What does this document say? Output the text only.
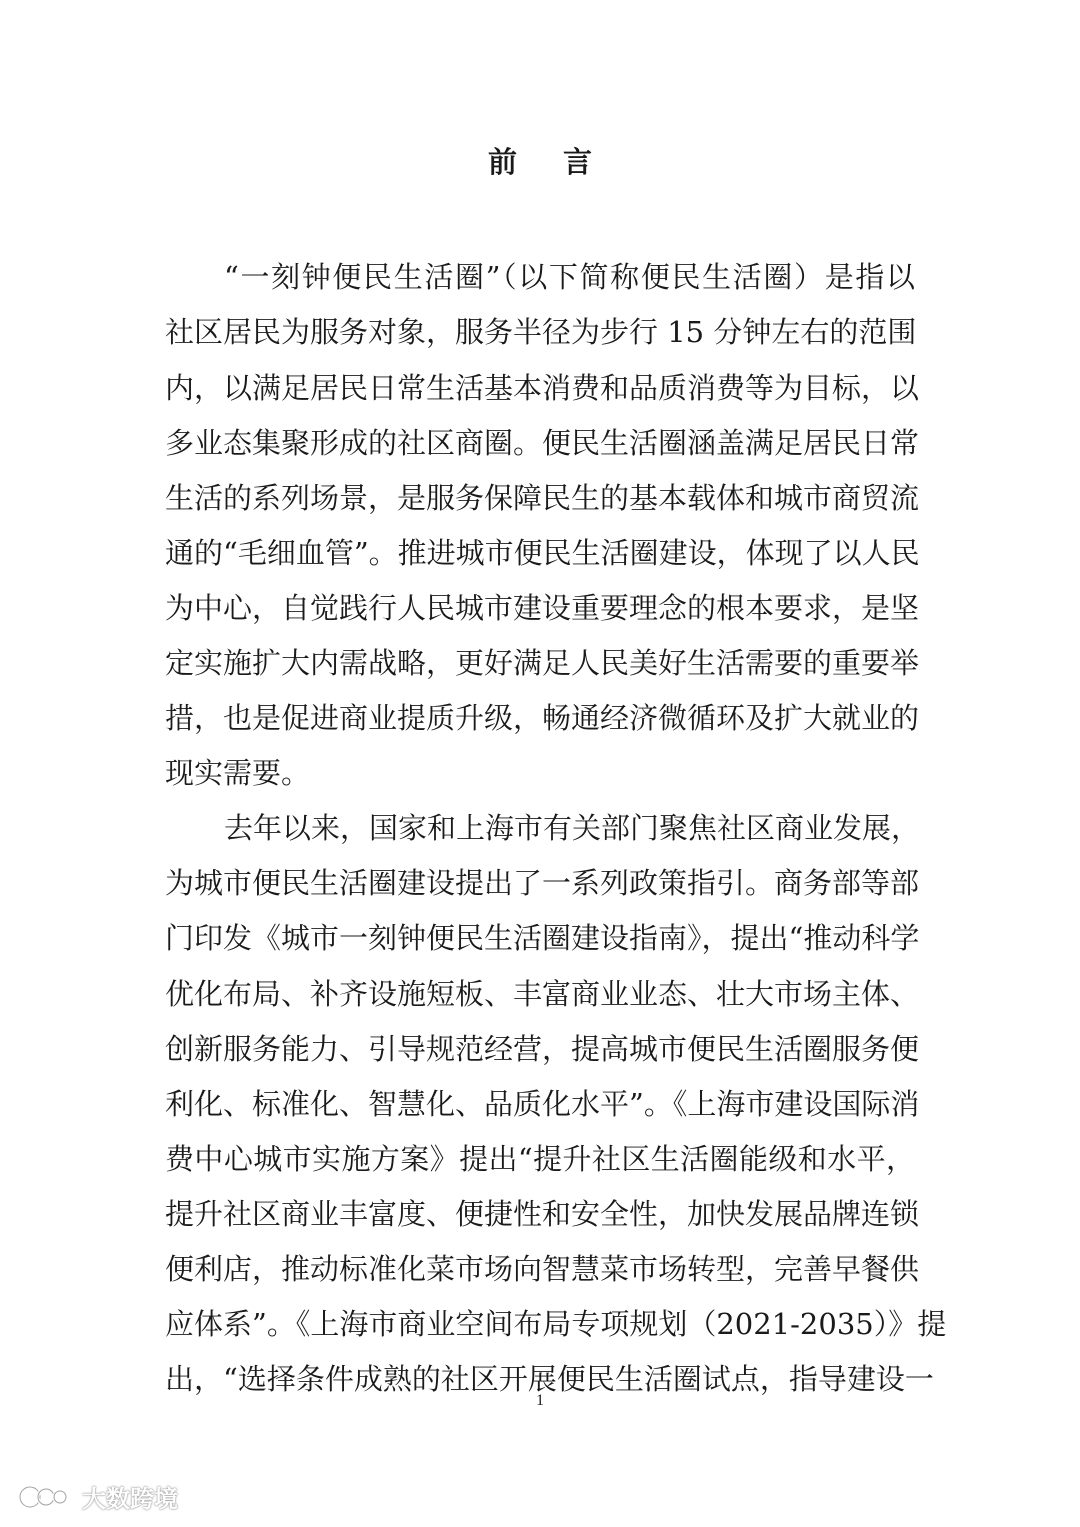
前 言
“一刻钟便民生活圈”（以下简称便民生活圈）是指以
社区居民为服务对象，服务半径为步行 15 分钟左右的范围
内，以满足居民日常生活基本消费和品质消费等为目标，以
多业态集聚形成的社区商圈。便民生活圈涵盖满足居民日常
生活的系列场景，是服务保障民生的基本载体和城市商贸流
通的“毛细血管”。推进城市便民生活圈建设，体现了以人民
为中心，自觉践行人民城市建设重要理念的根本要求，是坚
定实施扩大内需战略，更好满足人民美好生活需要的重要举
措，也是促进商业提质升级，畅通经济微循环及扩大就业的
现实需要。
去年以来，国家和上海市有关部门聚焦社区商业发展，
为城市便民生活圈建设提出了一系列政策指引。商务部等部
门印发《城市一刻钟便民生活圈建设指南》，提出“推动科学
优化布局、补齐设施短板、丰富商业业态、壮大市场主体、
创新服务能力、引导规范经营，提高城市便民生活圈服务便
利化、标准化、智慧化、品质化水平”。《上海市建设国际消
费中心城市实施方案》提出“提升社区生活圈能级和水平，
提升社区商业丰富度、便捷性和安全性，加快发展品牌连锁
便利店，推动标准化菜市场向智慧菜市场转型，完善早餐供
应体系”。《上海市商业空间布局专项规划（2021-2035）》提
出，“选择条件成熟的社区开展便民生活圈试点，指导建设一
1
大数跨境
